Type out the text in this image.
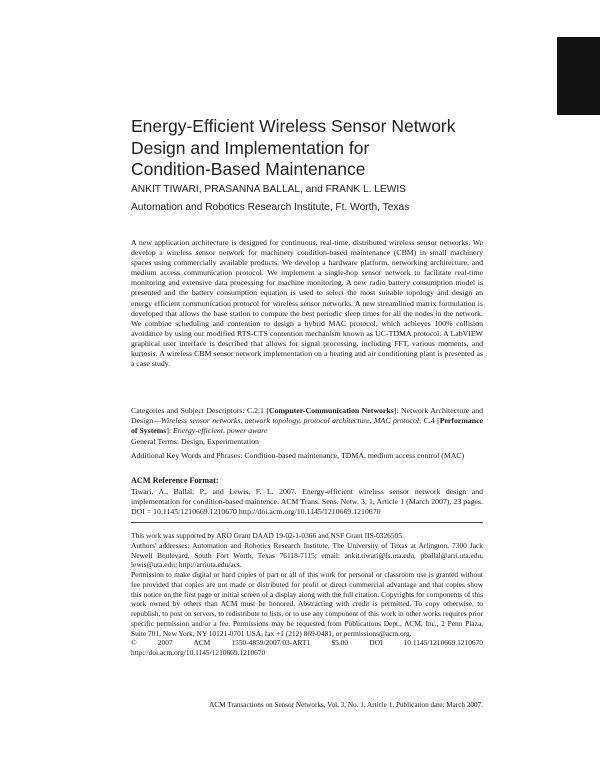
Energy-Efficient Wireless Sensor Network
Design and Implementation for
Condition-Based Maintenance
ANKIT TIWARI, PRASANNA BALLAL, and FRANK L. LEWIS
Automation and Robotics Research Institute, Ft. Worth, Texas

A new application architecture is designed for continuous, real-time, distributed wireless sensor networks. We develop a wireless sensor network for machinery condition-based maintenance (CBM) in small machinery spaces using commercially available products. We develop a hardware platform, networking architecture, and medium access communication protocol. We implement a single-hop sensor network to facilitate real-time monitoring and extensive data processing for machine monitoring. A new radio battery consumption model is presented and the battery consumption equation is used to select the most suitable topology and design an energy efficient communication protocol for wireless sensor networks. A new streamlined matrix formulation is developed that allows the base station to compute the best periodic sleep times for all the nodes in the network. We combine scheduling and contention to design a hybrid MAC protocol, which achieves 100% collision avoidance by using our modified RTS-CTS contention mechanism known as UC-TDMA protocol. A LabVIEW graphical user interface is described that allows for signal processing, including FFT, various moments, and kurtosis. A wireless CBM sensor network implementation on a heating and air conditioning plant is presented as a case study.

Categories and Subject Descriptors: C.2.1 [Computer-Communication Networks]: Network Architecture and Design—Wireless sensor networks, network topology, protocol architecture, MAC protocol; C.4 [Performance of Systems]: Energy-efficient, power aware

General Terms: Design, Experimentation

Additional Key Words and Phrases: Condition-based maintenance, TDMA, medium access control (MAC)

ACM Reference Format:

Tiwari, A., Ballal, P., and Lewis, F. L. 2007. Energy-efficient wireless sensor network design and implementation for condition-based maintence. ACM Trans. Sens. Netw. 3, 1, Article 1 (March 2007), 23 pages. DOI = 10.1145/1210669.1210670 http://doi.acm.org/10.1145/1210669.1210670

This work was supported by ARO Grant DAAD 19-02-1-0366 and NSF Grant IIS-0326505.

Authors' addresses: Automation and Robotics Research Institute, The University of Texas at Arlington, 7300 Jack Newell Boulevard, South Fort Worth, Texas 76118-7115; email: ankit.tiwari@fs.uta.edu, pballal@arri.uta.edu, lewis@uta.edu; http://arriuta.edu/acs.

Permission to make digital or hard copies of part or all of this work for personal or classroom use is granted without fee provided that copies are not made or distributed for profit or direct commercial advantage and that copies show this notice on the first page or initial screen of a display along with the full citation. Copyrights for components of this work owned by others than ACM must be honored. Abstracting with credit is permitted. To copy otherwise, to republish, to post on servers, to redistribute to lists, or to use any component of this work in other works requires prior specific permission and/or a fee. Permissions may be requested from Publications Dept., ACM, Inc., 2 Penn Plaza, Suite 701, New York, NY 10121-0701 USA, fax +1 (212) 869-0481, or permissions@acm.org.

© 2007 ACM 1550-4859/2007/03-ART1 $5.00 DOI 10.1145/1210669.1210670 http://doi.acm.org/10.1145/1210669.1210670

ACM Transactions on Sensor Networks, Vol. 3, No. 1, Article 1, Publication date: March 2007.
